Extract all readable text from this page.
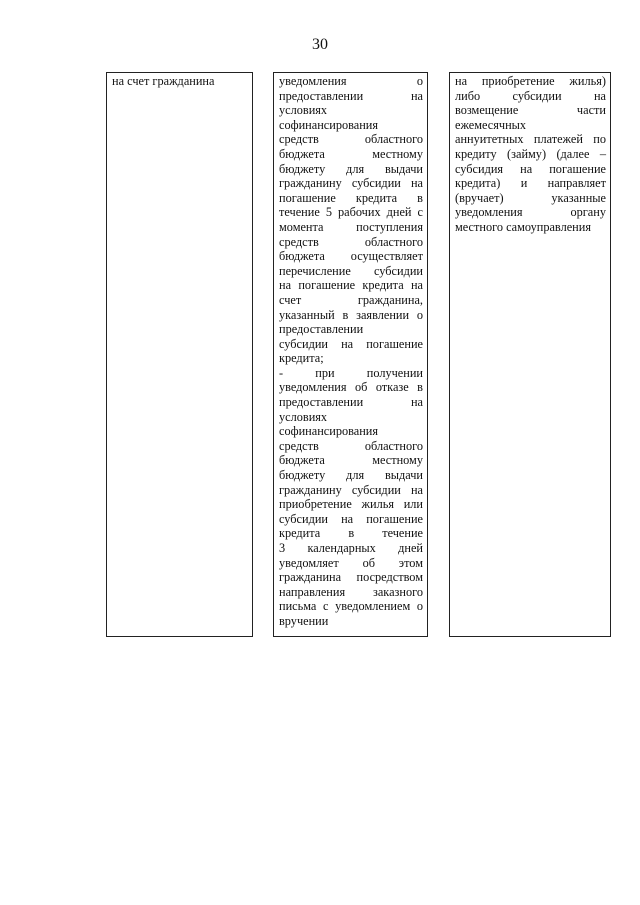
30
на счет гражданина	уведомления о
предоставлении на
условиях
софинансирования
средств областного
бюджета местному
бюджету для выдачи
гражданину субсидии на
погашение кредита в
течение 5 рабочих дней с
момента поступления
средств областного
бюджета осуществляет
перечисление субсидии
на погашение кредита на
счет гражданина,
указанный в заявлении о
предоставлении
субсидии на погашение
кредита;
- при получении
уведомления об отказе в
предоставлении на
условиях
софинансирования
средств областного
бюджета местному
бюджету для выдачи
гражданину субсидии на
приобретение жилья или
субсидии на погашение
кредита в течение
3 календарных дней
уведомляет об этом
гражданина посредством
направления заказного
письма с уведомлением о
вручении
на приобретение жилья)
либо субсидии на
возмещение части
ежемесячных
аннуитетных платежей по
кредиту (займу) (далее –
субсидия на погашение
кредита) и направляет
(вручает) указанные
уведомления органу
местного самоуправления
